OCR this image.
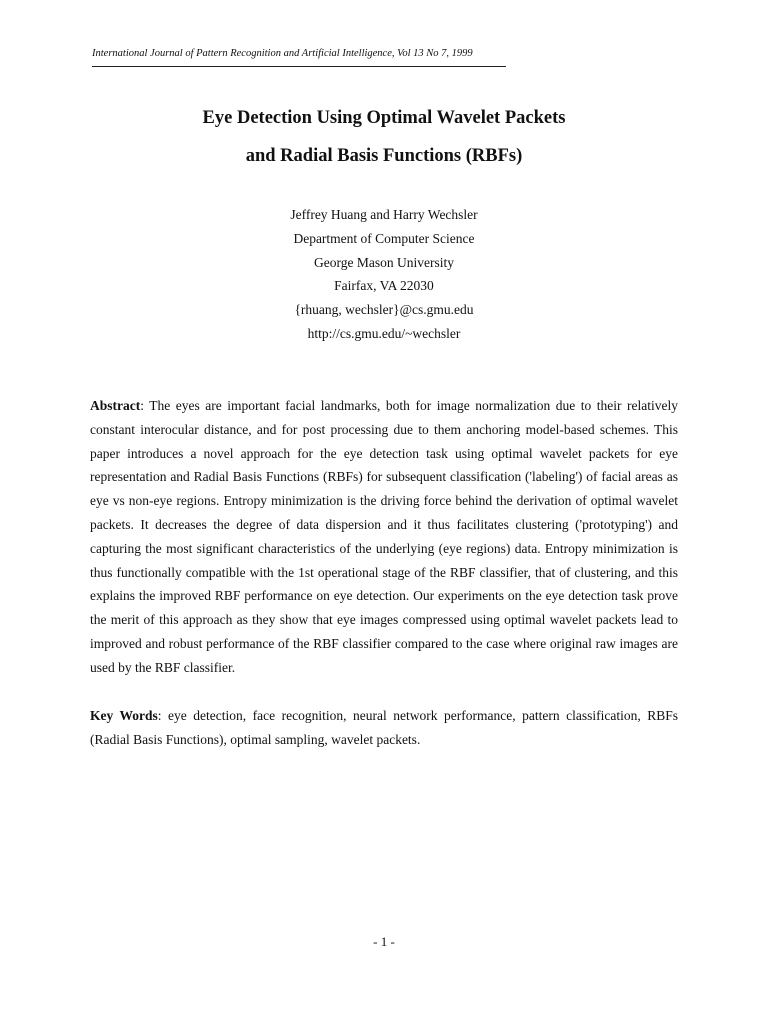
International Journal of Pattern Recognition and Artificial Intelligence, Vol 13 No 7, 1999
Eye Detection Using Optimal Wavelet Packets
and Radial Basis Functions (RBFs)
Jeffrey Huang and Harry Wechsler
Department of Computer Science
George Mason University
Fairfax, VA 22030
{rhuang, wechsler}@cs.gmu.edu
http://cs.gmu.edu/~wechsler
Abstract: The eyes are important facial landmarks, both for image normalization due to their relatively constant interocular distance, and for post processing due to them anchoring model-based schemes. This paper introduces a novel approach for the eye detection task using optimal wavelet packets for eye representation and Radial Basis Functions (RBFs) for subsequent classification ('labeling') of facial areas as eye vs non-eye regions. Entropy minimization is the driving force behind the derivation of optimal wavelet packets. It decreases the degree of data dispersion and it thus facilitates clustering ('prototyping') and capturing the most significant characteristics of the underlying (eye regions) data. Entropy minimization is thus functionally compatible with the 1st operational stage of the RBF classifier, that of clustering, and this explains the improved RBF performance on eye detection. Our experiments on the eye detection task prove the merit of this approach as they show that eye images compressed using optimal wavelet packets lead to improved and robust performance of the RBF classifier compared to the case where original raw images are used by the RBF classifier.
Key Words: eye detection, face recognition, neural network performance, pattern classification, RBFs (Radial Basis Functions), optimal sampling, wavelet packets.
- 1 -
